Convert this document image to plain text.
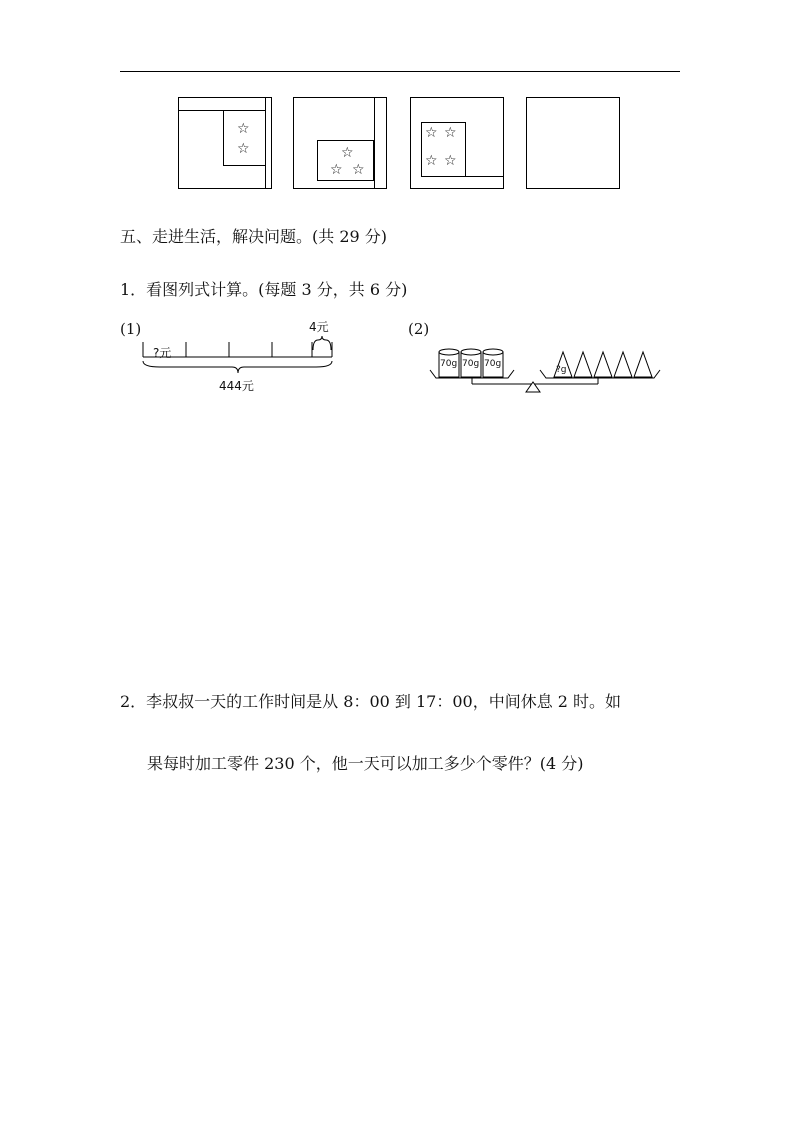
☆
☆	☆
☆ ☆
☆ ☆
☆ ☆
五、走进生活，解决问题。(共 29 分)
1．看图列式计算。(每题 3 分，共 6 分)
(1)	4元
?元
444元
(2)
70g 70g 70g
?g
2．李叔叔一天的工作时间是从 8：00 到 17：00，中间休息 2 时。如
果每时加工零件 230 个，他一天可以加工多少个零件？(4 分)
